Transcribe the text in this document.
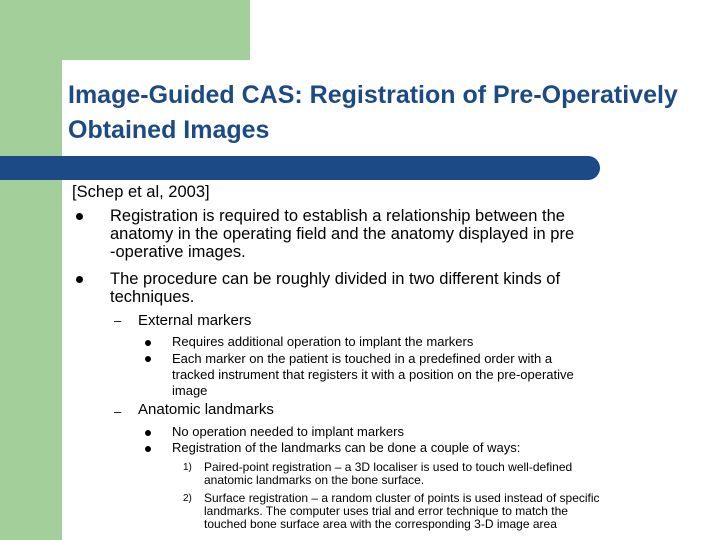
Image-Guided CAS: Registration of Pre-Operatively Obtained Images
[Schep et al, 2003]
Registration is required to establish a relationship between the
anatomy in the operating field and the anatomy displayed in pre
-operative images.
The procedure can be roughly divided in two different kinds of
techniques.
– External markers
Requires additional operation to implant the markers
Each marker on the patient is touched in a predefined order with a
tracked instrument that registers it with a position on the pre-operative
image
– Anatomic landmarks
No operation needed to implant markers
Registration of the landmarks can be done a couple of ways:
1) Paired-point registration – a 3D localiser is used to touch well-defined
anatomic landmarks on the bone surface.
2) Surface registration – a random cluster of points is used instead of specific
landmarks. The computer uses trial and error technique to match the
touched bone surface area with the corresponding 3-D image area
